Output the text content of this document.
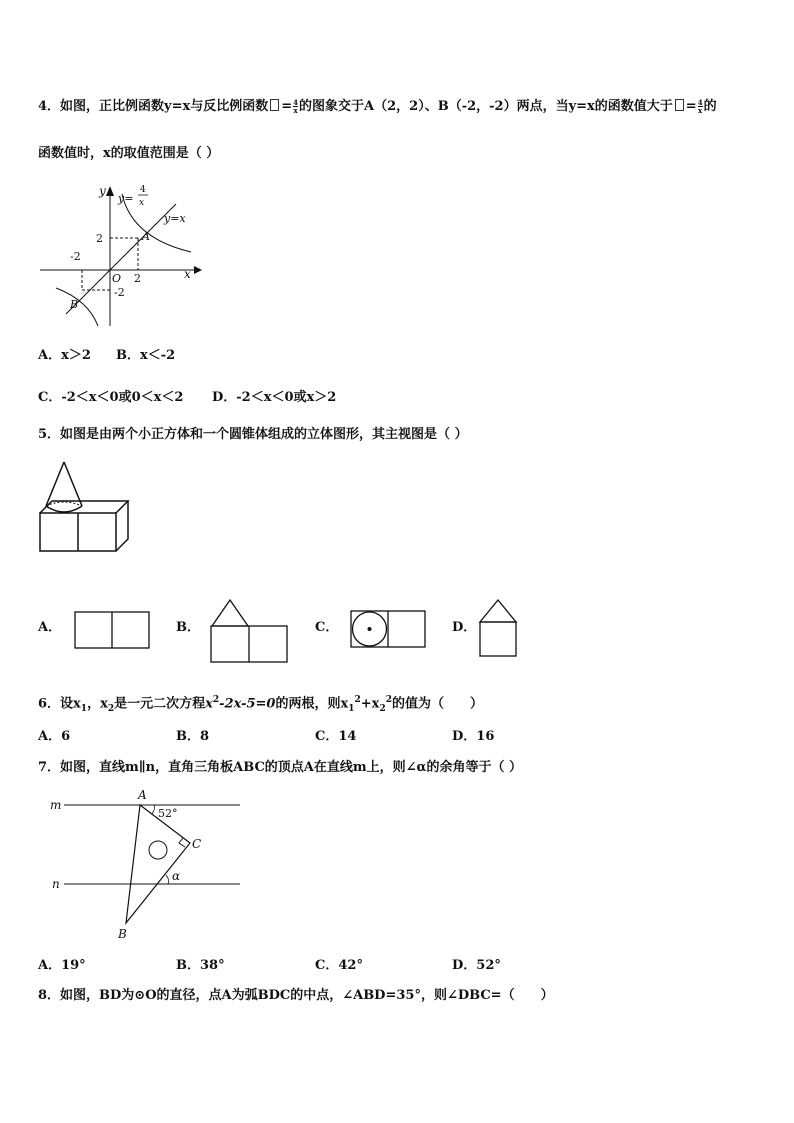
4．如图，正比例函数y=x与反比例函数 = $\frac{4}{x}$ 的图象交于A（2，2）、B（-2，-2）两点，当y=x的函数值大于 = $\frac{4}{x}$ 的
函数值时，x的取值范围是（ ）
y
x
O
y=
4
x
y=x
A
B
2
-2
2
-2
A．x＞2 B．x＜-2
C．-2＜x＜0或0＜x＜2 D．-2＜x＜0或x＞2
5．如图是由两个小正方体和一个圆锥体组成的立体图形，其主视图是（ ）
A．	B．	C．	D．
6．设$x_1$，$x_2$是一元二次方程$x^2-2x-5=0$的两根，则$x_1^2+x_2^2$的值为（　　）
A．6	B．8	C．14	D．16
7．如图，直线m∥n，直角三角板ABC的顶点A在直线m上，则∠α的余角等于（ ）
m
n
A
B
C
52°
α
A．19°	B．38°	C．42°	D．52°
8．如图，BD为⊙O的直径，点A为弧BDC的中点，∠ABD=35°，则∠DBC=（　　）
